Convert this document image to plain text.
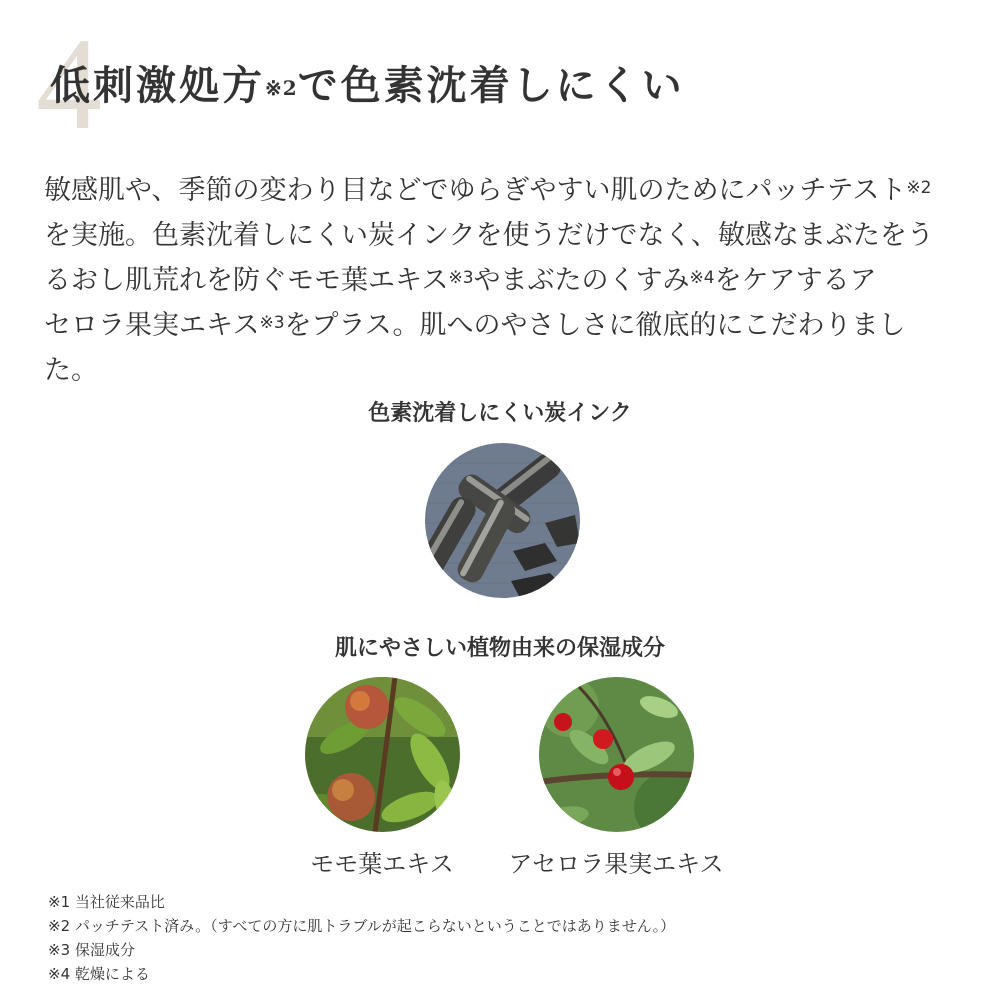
4
低刺激処方$^{※2}$で色素沈着しにくい
敏感肌や、季節の変わり目などでゆらぎやすい肌のためにパッチテスト$^{※2}$
を実施。色素沈着しにくい炭インクを使うだけでなく、敏感なまぶたをう
るおし肌荒れを防ぐモモ葉エキス$^{※3}$やまぶたのくすみ$^{※4}$をケアするア
セロラ果実エキス$^{※3}$をプラス。肌へのやさしさに徹底的にこだわりまし
た。
色素沈着しにくい炭インク
肌にやさしい植物由来の保湿成分
モモ葉エキス	アセロラ果実エキス
※1 当社従来品比
※2 パッチテスト済み。（すべての方に肌トラブルが起こらないということではありません。）
※3 保湿成分
※4 乾燥による
